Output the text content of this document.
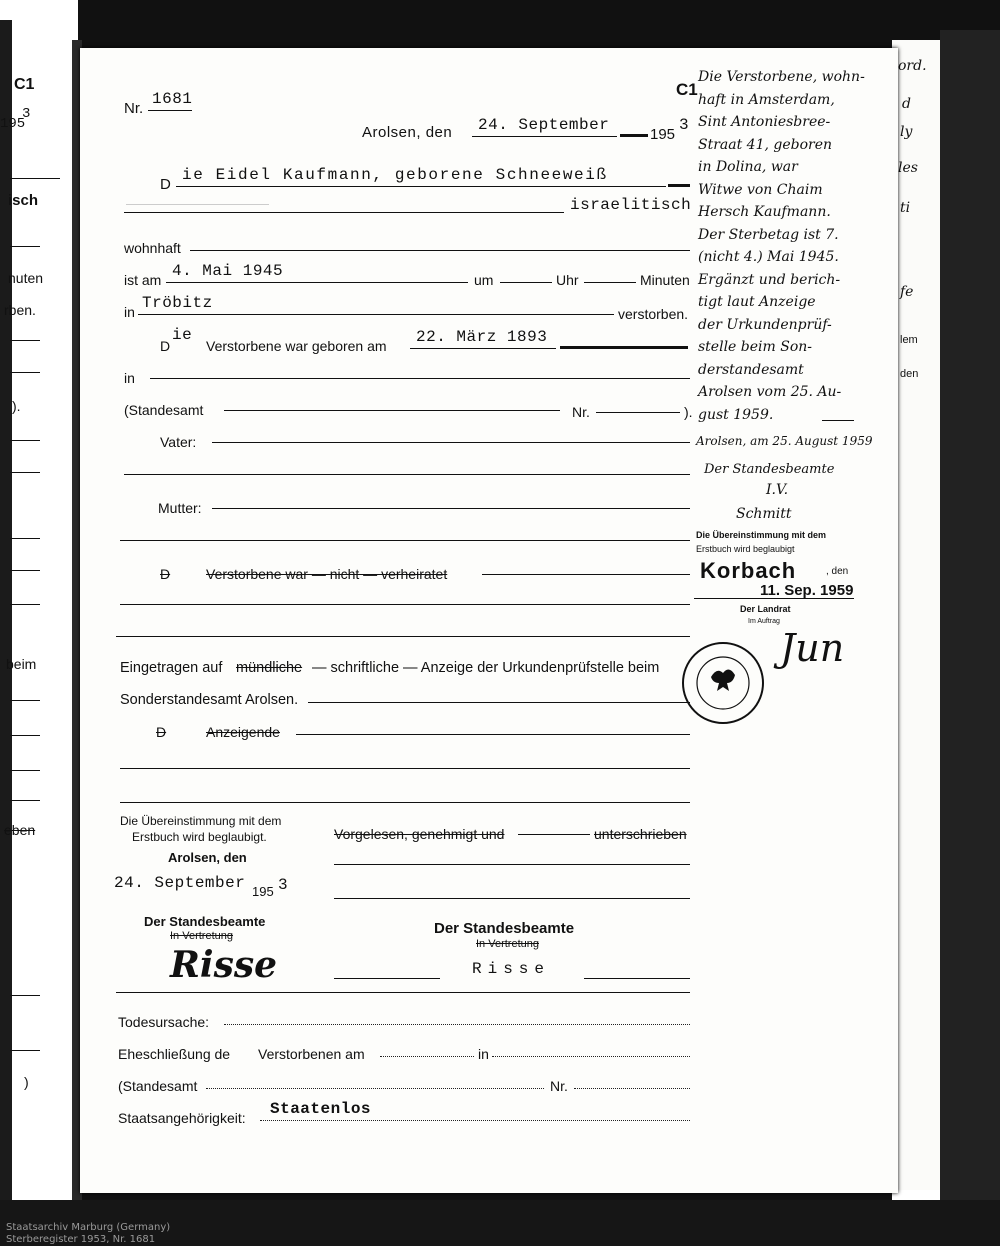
C1
195
3
isch
nuten
rben.
).
beim
eben
)
ord.
d
ly
les
ti
fe
lem
den
C1
Nr.
1681
Arolsen, den 24. September
195
3
D
ie Eidel Kaufmann, geborene Schneeweiß
israelitisch
———————————
wohnhaft
ist am 4. Mai 1945	um	Uhr	Minuten
in Tröbitz
verstorben.
D
ie
Verstorbene war geboren am 22. März 1893
in
(Standesamt	Nr.	).
Vater:
Mutter:
D	Verstorbene war — nicht — verheiratet
Eingetragen auf mündliche — schriftliche — Anzeige der Urkundenprüfstelle beim
Sonderstandesamt Arolsen.
D	Anzeigende
Die Übereinstimmung mit dem
Erstbuch wird beglaubigt.
Arolsen, den
24. September 195 3
Vorgelesen, genehmigt und	unterschrieben
Der Standesbeamte
In Vertretung
Risse
Der Standesbeamte
In Vertretung
Risse
Todesursache:
Eheschließung de Verstorbenen am	in
(Standesamt	Nr.
Staatsangehörigkeit: Staatenlos
Die Verstorbene, wohn-
haft in Amsterdam,
Sint Antoniesbree-
Straat 41, geboren
in Dolina, war
Witwe von Chaim
Hersch Kaufmann.
Der Sterbetag ist 7.
(nicht 4.) Mai 1945.
Ergänzt und berich-
tigt laut Anzeige
der Urkundenprüf-
stelle beim Son-
derstandesamt
Arolsen vom 25. Au-
gust 1959.
Arolsen, am 25. August 1959
Der Standesbeamte
I.V.
Schmitt
Die Übereinstimmung mit dem
Erstbuch wird beglaubigt
Korbach	, den
11. Sep. 1959
Der Landrat
Im Auftrag
Jun
Staatsarchiv Marburg (Germany)
Sterberegister 1953, Nr. 1681
